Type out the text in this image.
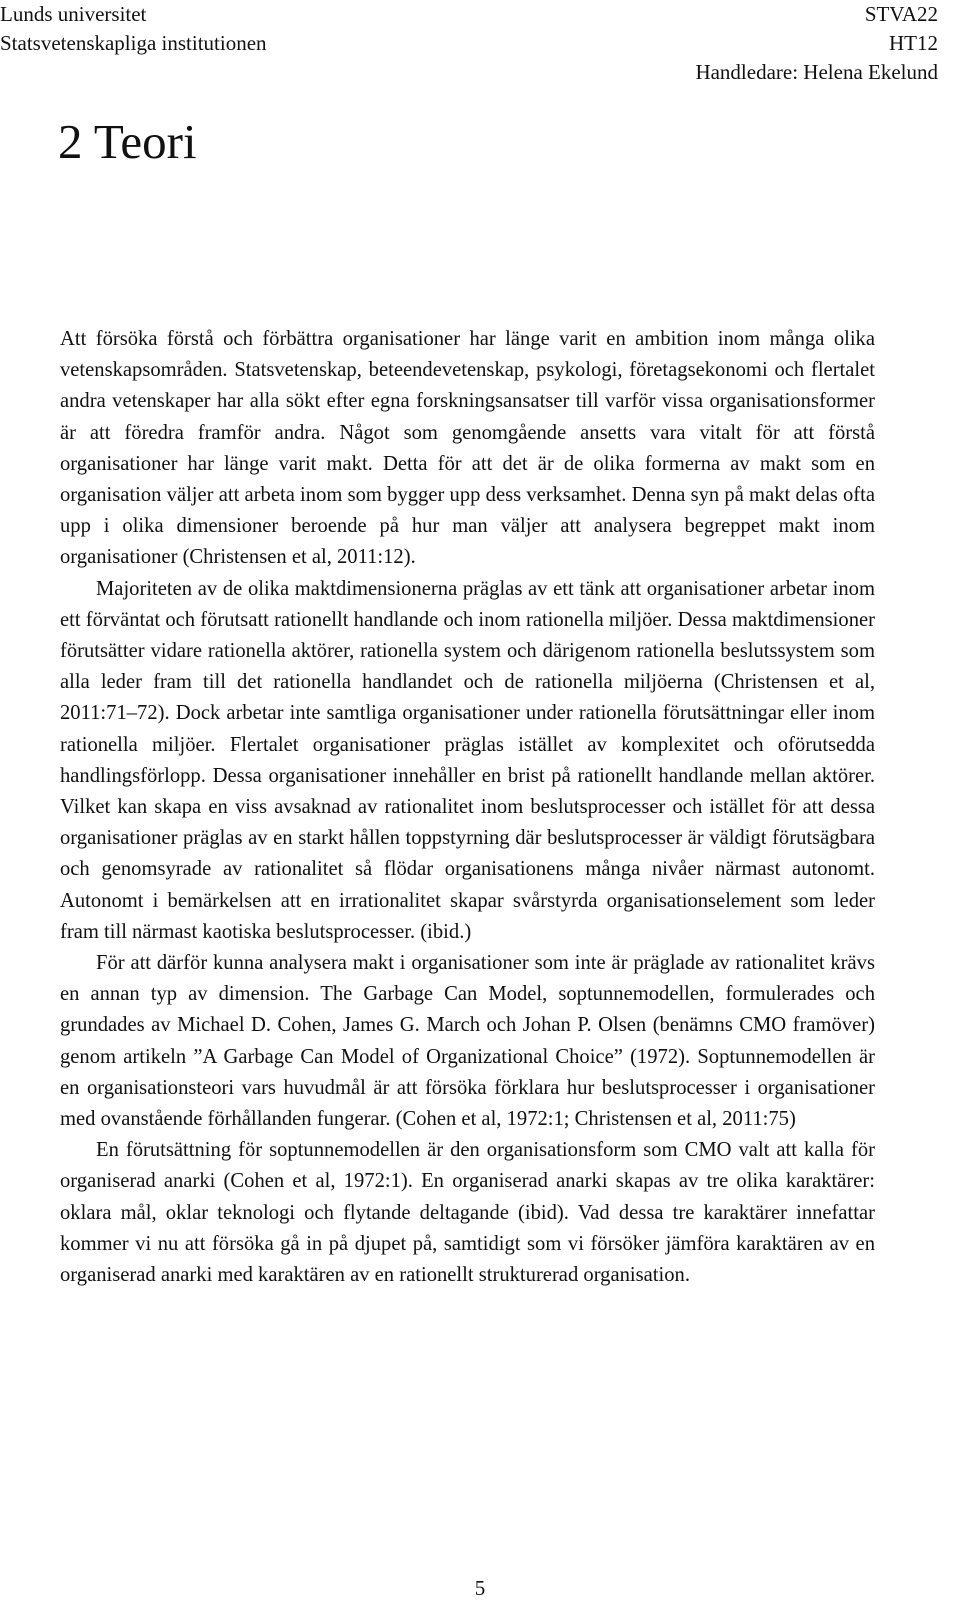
Lunds universitet
Statsvetenskapliga institutionen
STVA22
HT12
Handledare: Helena Ekelund
2 Teori

Att försöka förstå och förbättra organisationer har länge varit en ambition inom många olika vetenskapsområden. Statsvetenskap, beteendevetenskap, psykologi, företagsekonomi och flertalet andra vetenskaper har alla sökt efter egna forskningsansatser till varför vissa organisationsformer är att föredra framför andra. Något som genomgående ansetts vara vitalt för att förstå organisationer har länge varit makt. Detta för att det är de olika formerna av makt som en organisation väljer att arbeta inom som bygger upp dess verksamhet. Denna syn på makt delas ofta upp i olika dimensioner beroende på hur man väljer att analysera begreppet makt inom organisationer (Christensen et al, 2011:12).

Majoriteten av de olika maktdimensionerna präglas av ett tänk att organisationer arbetar inom ett förväntat och förutsatt rationellt handlande och inom rationella miljöer. Dessa maktdimensioner förutsätter vidare rationella aktörer, rationella system och därigenom rationella beslutssystem som alla leder fram till det rationella handlandet och de rationella miljöerna (Christensen et al, 2011:71–72). Dock arbetar inte samtliga organisationer under rationella förutsättningar eller inom rationella miljöer. Flertalet organisationer präglas istället av komplexitet och oförutsedda handlingsförlopp. Dessa organisationer innehåller en brist på rationellt handlande mellan aktörer. Vilket kan skapa en viss avsaknad av rationalitet inom beslutsprocesser och istället för att dessa organisationer präglas av en starkt hållen toppstyrning där beslutsprocesser är väldigt förutsägbara och genomsyrade av rationalitet så flödar organisationens många nivåer närmast autonomt. Autonomt i bemärkelsen att en irrationalitet skapar svårstyrda organisationselement som leder fram till närmast kaotiska beslutsprocesser. (ibid.)

För att därför kunna analysera makt i organisationer som inte är präglade av rationalitet krävs en annan typ av dimension. The Garbage Can Model, soptunnemodellen, formulerades och grundades av Michael D. Cohen, James G. March och Johan P. Olsen (benämns CMO framöver) genom artikeln ”A Garbage Can Model of Organizational Choice” (1972). Soptunnemodellen är en organisationsteori vars huvudmål är att försöka förklara hur beslutsprocesser i organisationer med ovanstående förhållanden fungerar. (Cohen et al, 1972:1; Christensen et al, 2011:75)

En förutsättning för soptunnemodellen är den organisationsform som CMO valt att kalla för organiserad anarki (Cohen et al, 1972:1). En organiserad anarki skapas av tre olika karaktärer: oklara mål, oklar teknologi och flytande deltagande (ibid). Vad dessa tre karaktärer innefattar kommer vi nu att försöka gå in på djupet på, samtidigt som vi försöker jämföra karaktären av en organiserad anarki med karaktären av en rationellt strukturerad organisation.

5
